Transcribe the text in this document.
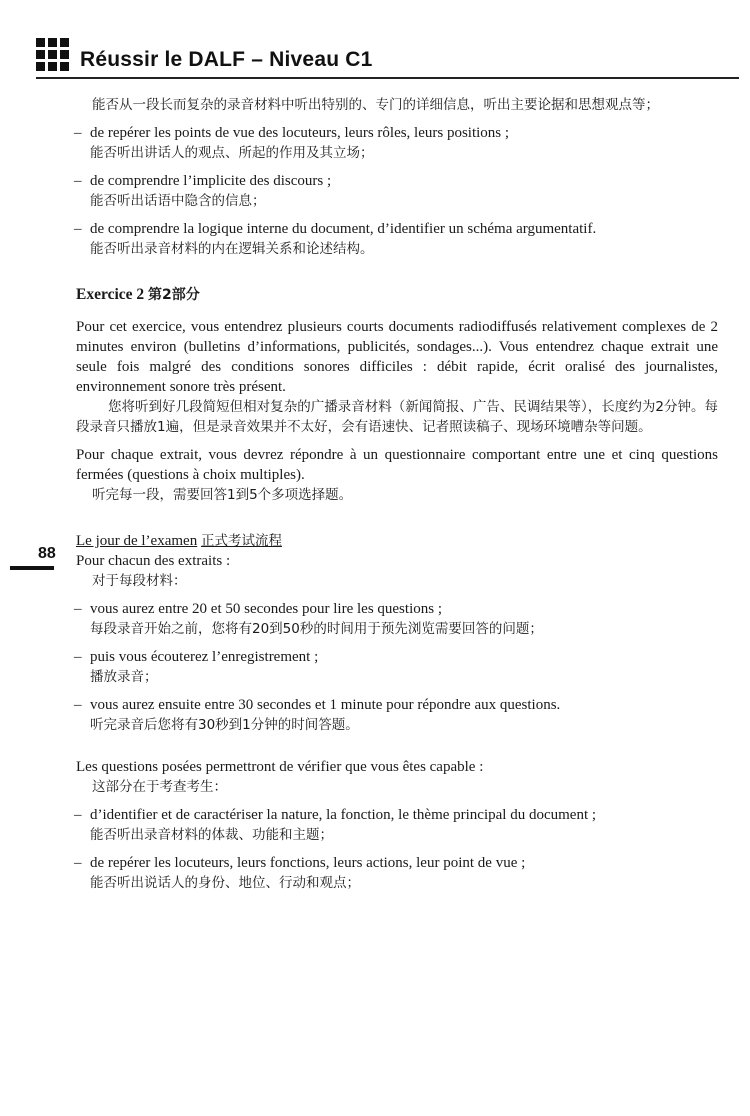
Réussir le DALF – Niveau C1
88

能否从一段长而复杂的录音材料中听出特别的、专门的详细信息，听出主要论据和思想观点等；

– de repérer les points de vue des locuteurs, leurs rôles, leurs positions ;

能否听出讲话人的观点、所起的作用及其立场；

– de comprendre l’implicite des discours ;

能否听出话语中隐含的信息；

– de comprendre la logique interne du document, d’identifier un schéma argumentatif.

能否听出录音材料的内在逻辑关系和论述结构。

Exercice 2 第2部分

Pour cet exercice, vous entendrez plusieurs courts documents radiodiffusés relativement complexes de 2 minutes environ (bulletins d’informations, publicités, sondages...). Vous entendrez chaque extrait une seule fois malgré des conditions sonores difficiles : débit rapide, écrit oralisé des journalistes, environnement sonore très présent.

您将听到好几段简短但相对复杂的广播录音材料（新闻简报、广告、民调结果等），长度约为2分钟。每段录音只播放1遍，但是录音效果并不太好，会有语速快、记者照读稿子、现场环境嘈杂等问题。

Pour chaque extrait, vous devrez répondre à un questionnaire comportant entre une et cinq questions fermées (questions à choix multiples).

听完每一段，需要回答1到5个多项选择题。

Le jour de l’examen 正式考试流程

Pour chacun des extraits :

对于每段材料：

– vous aurez entre 20 et 50 secondes pour lire les questions ;

每段录音开始之前，您将有20到50秒的时间用于预先浏览需要回答的问题；

– puis vous écouterez l’enregistrement ;

播放录音；

– vous aurez ensuite entre 30 secondes et 1 minute pour répondre aux questions.

听完录音后您将有30秒到1分钟的时间答题。

Les questions posées permettront de vérifier que vous êtes capable :

这部分在于考查考生：

– d’identifier et de caractériser la nature, la fonction, le thème principal du document ;

能否听出录音材料的体裁、功能和主题；

– de repérer les locuteurs, leurs fonctions, leurs actions, leur point de vue ;

能否听出说话人的身份、地位、行动和观点；
